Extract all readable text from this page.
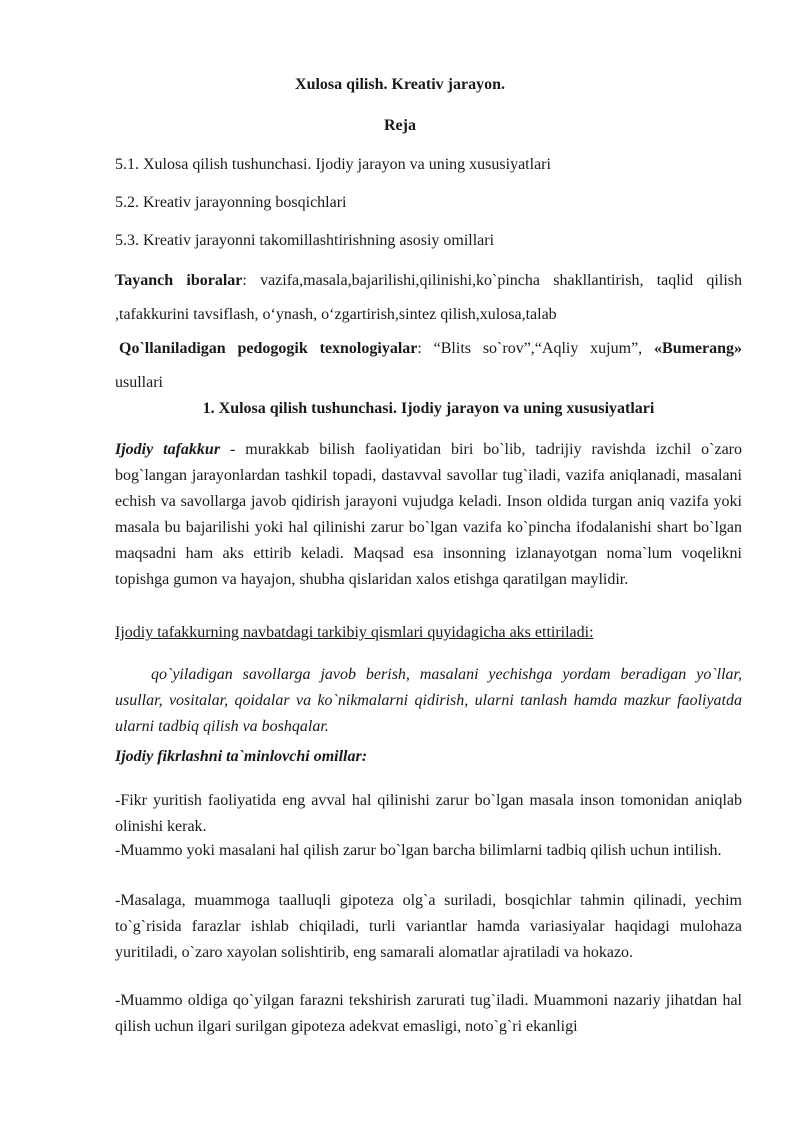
Xulosa qilish. Kreativ jarayon.

Reja

5.1. Xulosa qilish tushunchasi. Ijodiy jarayon va uning xususiyatlari

5.2. Kreativ jarayonning bosqichlari

5.3. Kreativ jarayonni takomillashtirishning asosiy omillari

Tayanch iboralar: vazifa,masala,bajarilishi,qilinishi,ko`pincha shakllantirish, taqlid qilish ,tafakkurini tavsiflash, o‘ynash, o‘zgartirish,sintez qilish,xulosa,talab

Qo`llaniladigan pedogogik texnologiyalar: “Blits so`rov”,“Aqliy xujum”, «Bumerang» usullari

1. Xulosa qilish tushunchasi. Ijodiy jarayon va uning xususiyatlari

Ijodiy tafakkur - murakkab bilish faoliyatidan biri bo`lib, tadrijiy ravishda izchil o`zaro bog`langan jarayonlardan tashkil topadi, dastavval savollar tug`iladi, vazifa aniqlanadi, masalani echish va savollarga javob qidirish jarayoni vujudga keladi. Inson oldida turgan aniq vazifa yoki masala bu bajarilishi yoki hal qilinishi zarur bo`lgan vazifa ko`pincha ifodalanishi shart bo`lgan maqsadni ham aks ettirib keladi. Maqsad esa insonning izlanayotgan noma`lum voqelikni topishga gumon va hayajon, shubha qislaridan xalos etishga qaratilgan maylidir.

Ijodiy tafakkurning navbatdagi tarkibiy qismlari quyidagicha aks ettiriladi:

qo`yiladigan savollarga javob berish, masalani yechishga yordam beradigan yo`llar, usullar, vositalar, qoidalar va ko`nikmalarni qidirish, ularni tanlash hamda mazkur faoliyatda ularni tadbiq qilish va boshqalar.

Ijodiy fikrlashni ta`minlovchi omillar:

-Fikr yuritish faoliyatida eng avval hal qilinishi zarur bo`lgan masala inson tomonidan aniqlab olinishi kerak.

-Muammo yoki masalani hal qilish zarur bo`lgan barcha bilimlarni tadbiq qilish uchun intilish.

-Masalaga, muammoga taalluqli gipoteza olg`a suriladi, bosqichlar tahmin qilinadi, yechim to`g`risida farazlar ishlab chiqiladi, turli variantlar hamda variasiyalar haqidagi mulohaza yuritiladi, o`zaro xayolan solishtirib, eng samarali alomatlar ajratiladi va hokazo.

-Muammo oldiga qo`yilgan farazni tekshirish zarurati tug`iladi. Muammoni nazariy jihatdan hal qilish uchun ilgari surilgan gipoteza adekvat emasligi, noto`g`ri ekanligi
